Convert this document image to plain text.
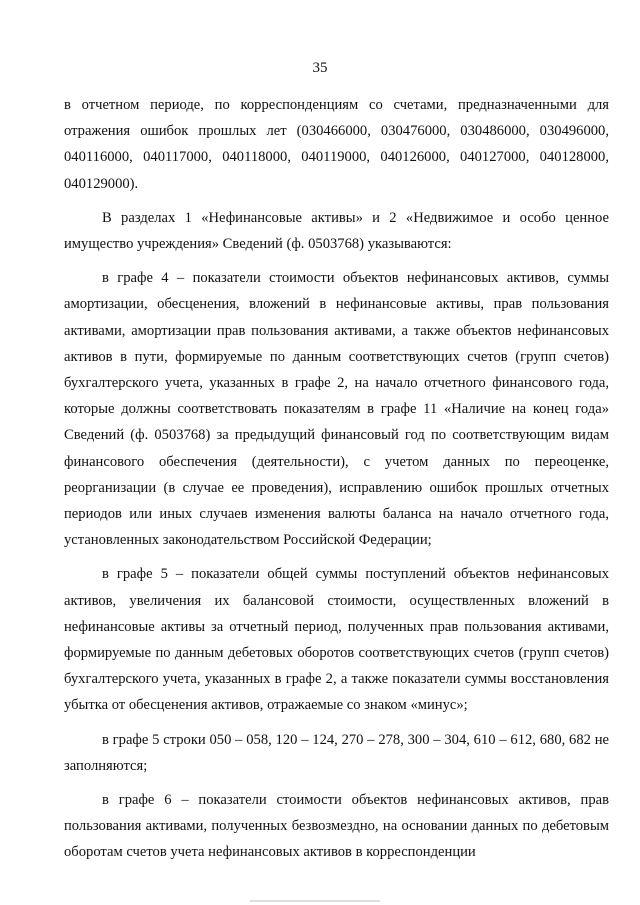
35

в отчетном периоде, по корреспонденциям со счетами, предназначенными для отражения ошибок прошлых лет (030466000, 030476000, 030486000, 030496000, 040116000, 040117000, 040118000, 040119000, 040126000, 040127000, 040128000, 040129000).

В разделах 1 «Нефинансовые активы» и 2 «Недвижимое и особо ценное имущество учреждения» Сведений (ф. 0503768) указываются:

в графе 4 – показатели стоимости объектов нефинансовых активов, суммы амортизации, обесценения, вложений в нефинансовые активы, прав пользования активами, амортизации прав пользования активами, а также объектов нефинансовых активов в пути, формируемые по данным соответствующих счетов (групп счетов) бухгалтерского учета, указанных в графе 2, на начало отчетного финансового года, которые должны соответствовать показателям в графе 11 «Наличие на конец года» Сведений (ф. 0503768) за предыдущий финансовый год по соответствующим видам финансового обеспечения (деятельности), с учетом данных по переоценке, реорганизации (в случае ее проведения), исправлению ошибок прошлых отчетных периодов или иных случаев изменения валюты баланса на начало отчетного года, установленных законодательством Российской Федерации;

в графе 5 – показатели общей суммы поступлений объектов нефинансовых активов, увеличения их балансовой стоимости, осуществленных вложений в нефинансовые активы за отчетный период, полученных прав пользования активами, формируемые по данным дебетовых оборотов соответствующих счетов (групп счетов) бухгалтерского учета, указанных в графе 2, а также показатели суммы восстановления убытка от обесценения активов, отражаемые со знаком «минус»;

в графе 5 строки 050 – 058, 120 – 124, 270 – 278, 300 – 304, 610 – 612, 680, 682 не заполняются;

в графе 6 – показатели стоимости объектов нефинансовых активов, прав пользования активами, полученных безвозмездно, на основании данных по дебетовым оборотам счетов учета нефинансовых активов в корреспонденции
